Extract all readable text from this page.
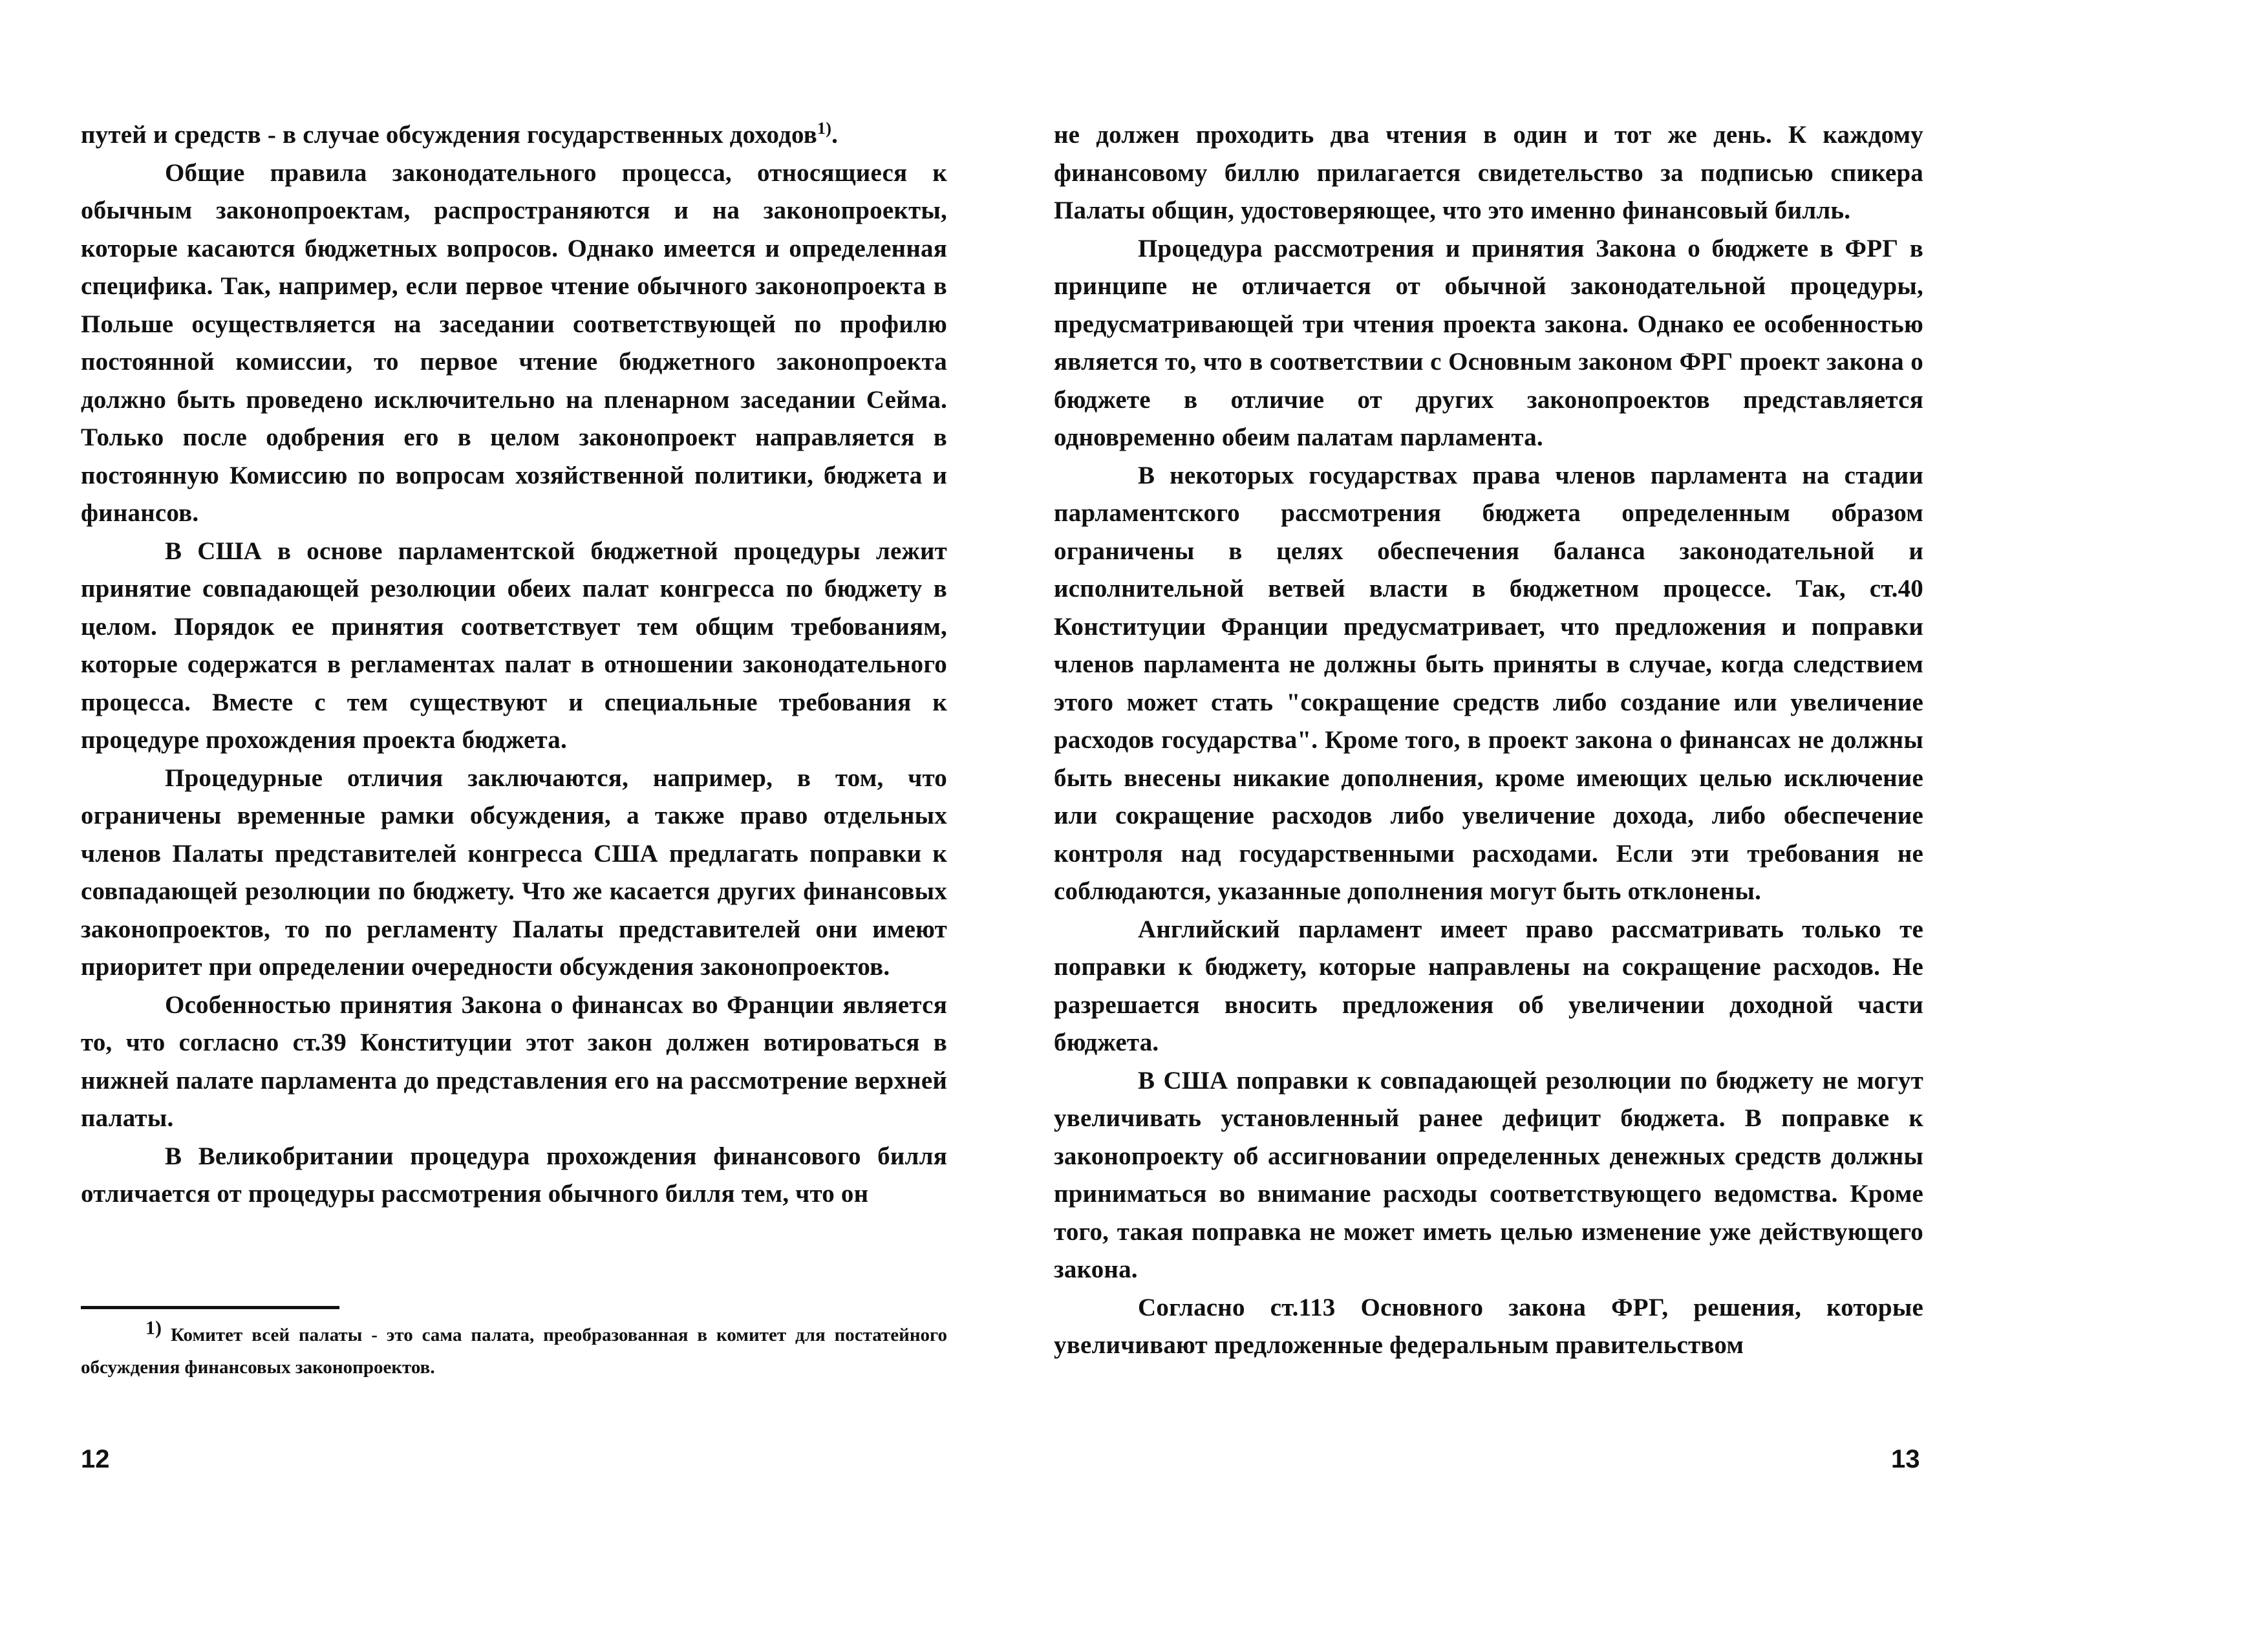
путей и средств - в случае обсуждения государственных доходов$^{1)}$.

Общие правила законодательного процесса, относящиеся к обычным законопроектам, распространяются и на законопроекты, которые касаются бюджетных вопросов. Однако имеется и определенная специфика. Так, например, если первое чтение обычного законопроекта в Польше осуществляется на заседании соответствующей по профилю постоянной комиссии, то первое чтение бюджетного законопроекта должно быть проведено исключительно на пленарном заседании Сейма. Только после одобрения его в целом законопроект направляется в постоянную Комиссию по вопросам хозяйственной политики, бюджета и финансов.

В США в основе парламентской бюджетной процедуры лежит принятие совпадающей резолюции обеих палат конгресса по бюджету в целом. Порядок ее принятия соответствует тем общим требованиям, которые содержатся в регламентах палат в отношении законодательного процесса. Вместе с тем существуют и специальные требования к процедуре прохождения проекта бюджета.

Процедурные отличия заключаются, например, в том, что ограничены временные рамки обсуждения, а также право отдельных членов Палаты представителей конгресса США предлагать поправки к совпадающей резолюции по бюджету. Что же касается других финансовых законопроектов, то по регламенту Палаты представителей они имеют приоритет при определении очередности обсуждения законопроектов.

Особенностью принятия Закона о финансах во Франции является то, что согласно ст.39 Конституции этот закон должен вотироваться в нижней палате парламента до представления его на рассмотрение верхней палаты.

В Великобритании процедура прохождения финансового билля отличается от процедуры рассмотрения обычного билля тем, что он

$^{1)}$ Комитет всей палаты - это сама палата, преобразованная в комитет для постатейного обсуждения финансовых законопроектов.

12

не должен проходить два чтения в один и тот же день. К каждому финансовому биллю прилагается свидетельство за подписью спикера Палаты общин, удостоверяющее, что это именно финансовый билль.

Процедура рассмотрения и принятия Закона о бюджете в ФРГ в принципе не отличается от обычной законодательной процедуры, предусматривающей три чтения проекта закона. Однако ее особенностью является то, что в соответствии с Основным законом ФРГ проект закона о бюджете в отличие от других законопроектов представляется одновременно обеим палатам парламента.

В некоторых государствах права членов парламента на стадии парламентского рассмотрения бюджета определенным образом ограничены в целях обеспечения баланса законодательной и исполнительной ветвей власти в бюджетном процессе. Так, ст.40 Конституции Франции предусматривает, что предложения и поправки членов парламента не должны быть приняты в случае, когда следствием этого может стать "сокращение средств либо создание или увеличение расходов государства". Кроме того, в проект закона о финансах не должны быть внесены никакие дополнения, кроме имеющих целью исключение или сокращение расходов либо увеличение дохода, либо обеспечение контроля над государственными расходами. Если эти требования не соблюдаются, указанные дополнения могут быть отклонены.

Английский парламент имеет право рассматривать только те поправки к бюджету, которые направлены на сокращение расходов. Не разрешается вносить предложения об увеличении доходной части бюджета.

В США поправки к совпадающей резолюции по бюджету не могут увеличивать установленный ранее дефицит бюджета. В поправке к законопроекту об ассигновании определенных денежных средств должны приниматься во внимание расходы соответствующего ведомства. Кроме того, такая поправка не может иметь целью изменение уже действующего закона.

Согласно ст.113 Основного закона ФРГ, решения, которые увеличивают предложенные федеральным правительством

13
